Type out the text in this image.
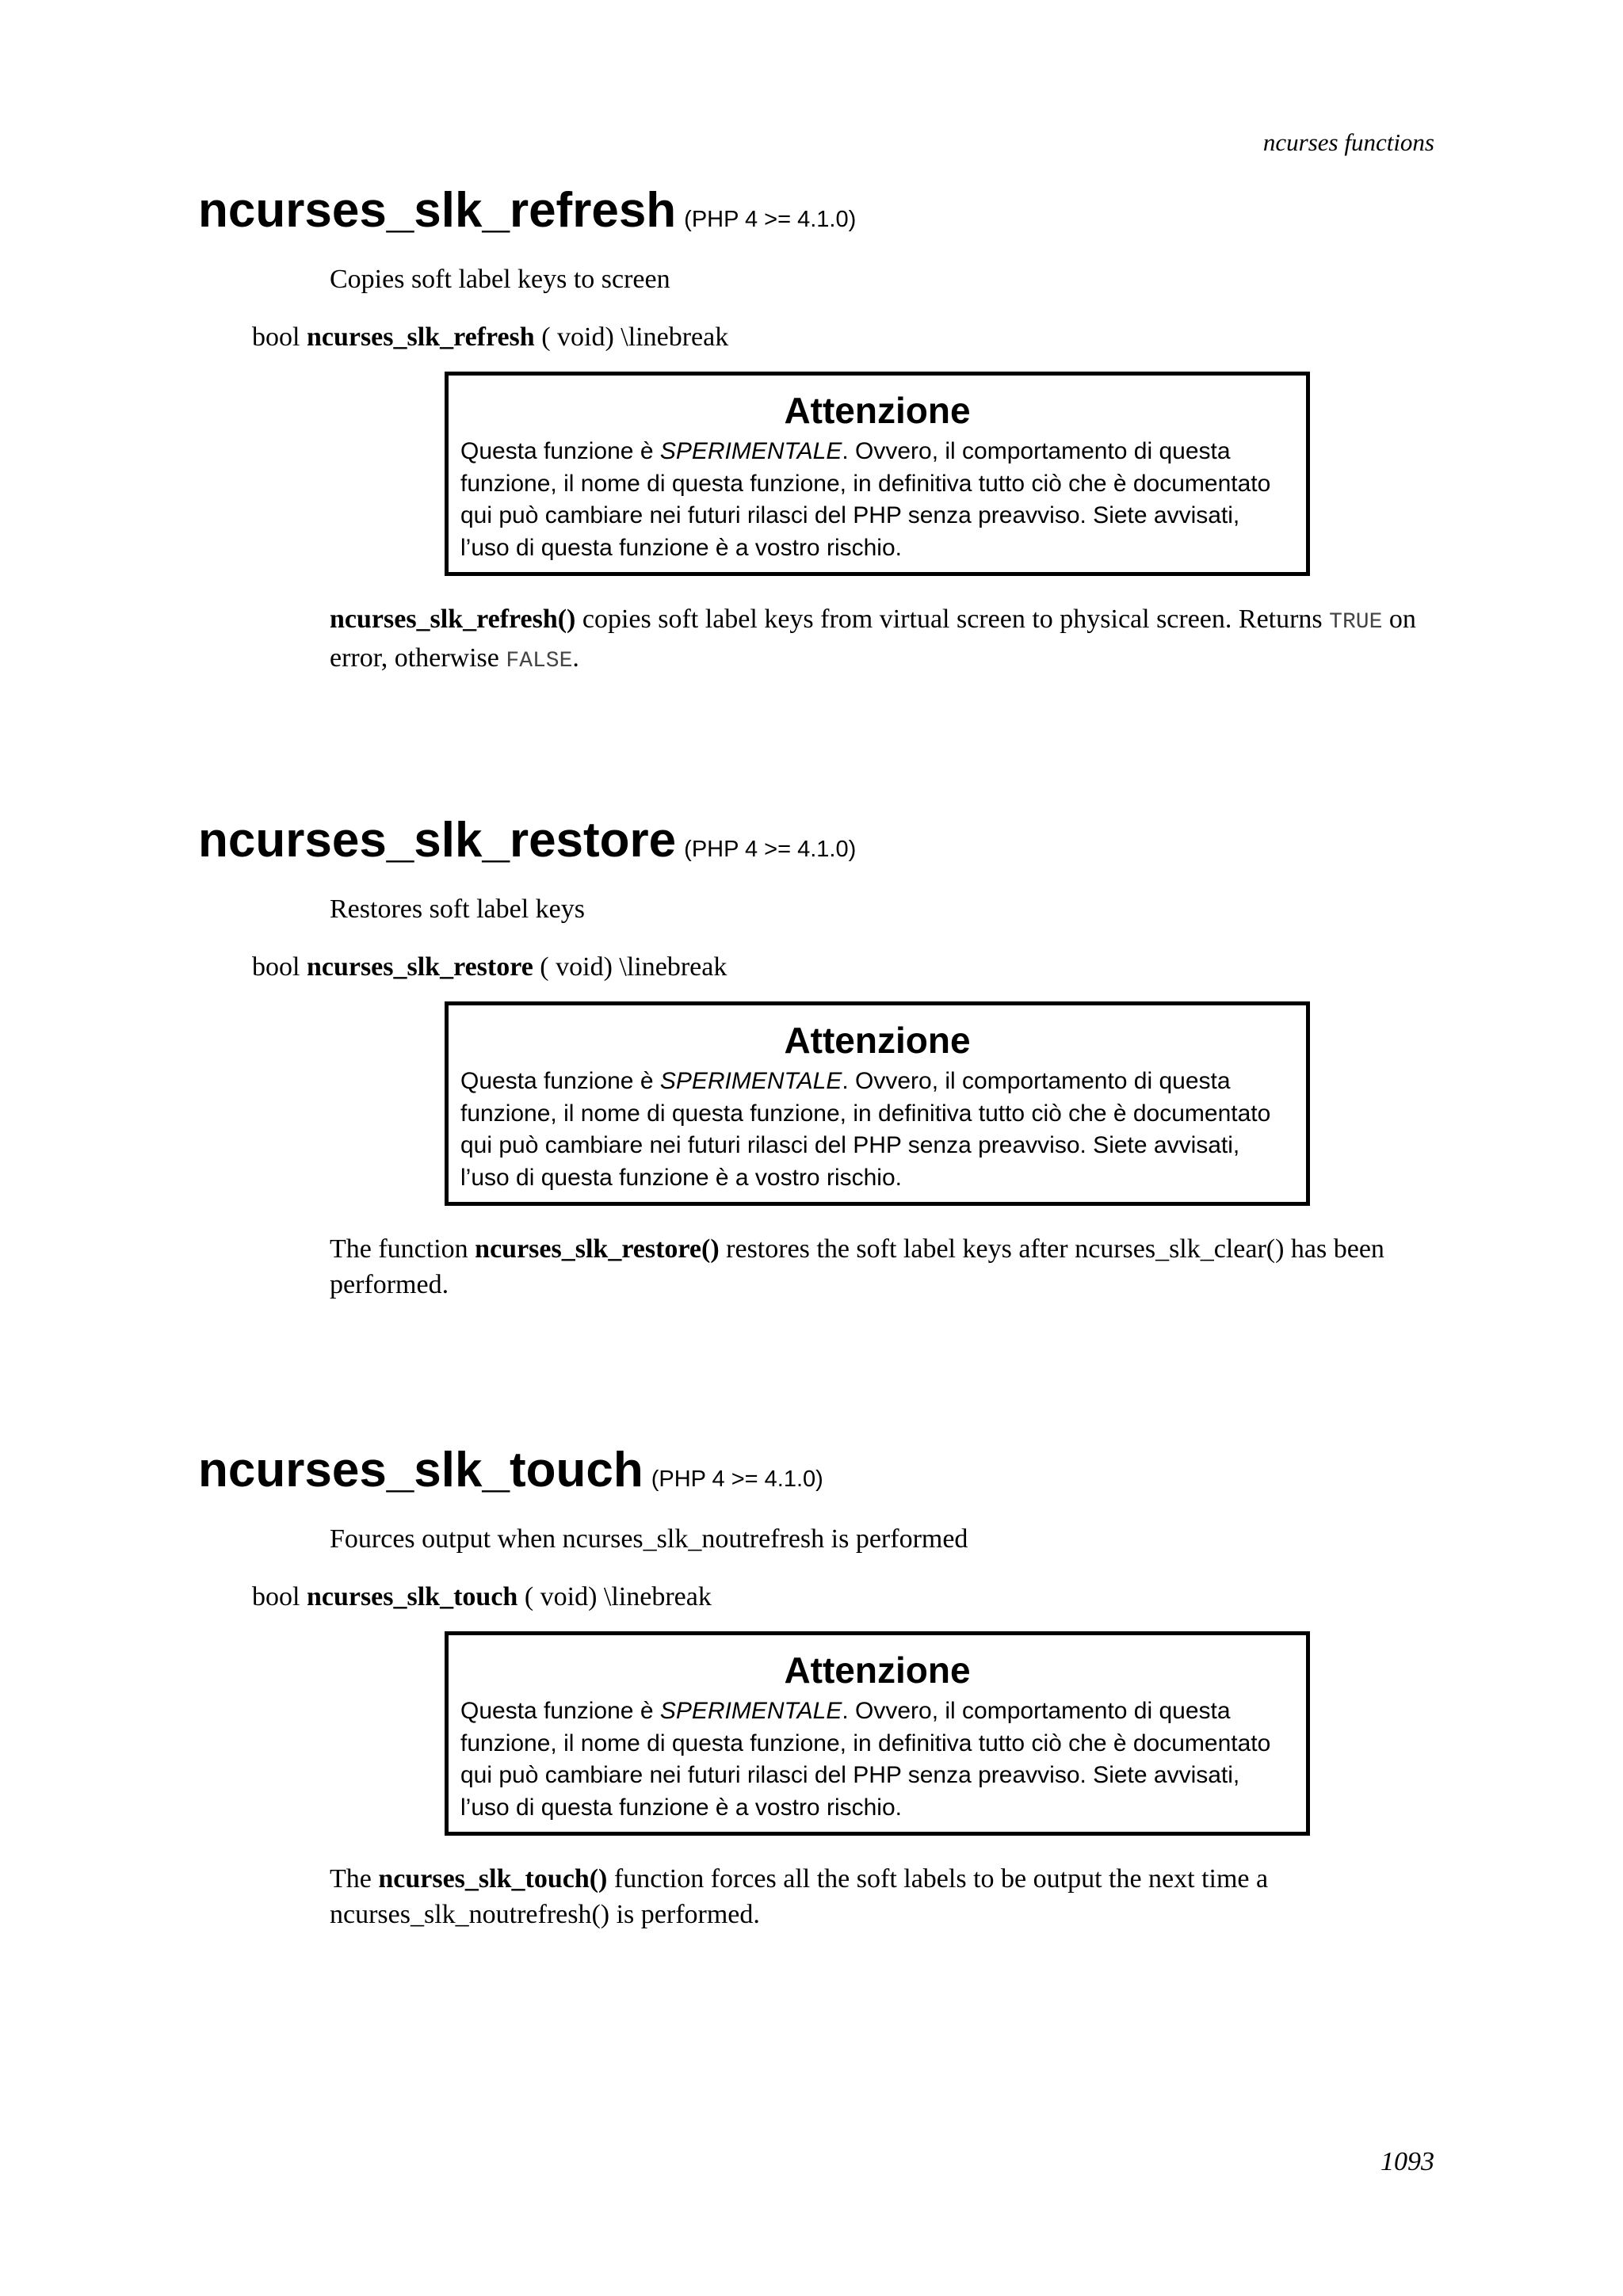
ncurses functions
ncurses_slk_refresh (PHP 4 >= 4.1.0)
Copies soft label keys to screen
bool ncurses_slk_refresh ( void) \linebreak
Attenzione
Questa funzione è SPERIMENTALE. Ovvero, il comportamento di questa
funzione, il nome di questa funzione, in definitiva tutto ciò che è documentato
qui può cambiare nei futuri rilasci del PHP senza preavviso. Siete avvisati,
l’uso di questa funzione è a vostro rischio.
ncurses_slk_refresh() copies soft label keys from virtual screen to physical screen. Returns TRUE on error, otherwise FALSE.
ncurses_slk_restore (PHP 4 >= 4.1.0)
Restores soft label keys
bool ncurses_slk_restore ( void) \linebreak
Attenzione
Questa funzione è SPERIMENTALE. Ovvero, il comportamento di questa
funzione, il nome di questa funzione, in definitiva tutto ciò che è documentato
qui può cambiare nei futuri rilasci del PHP senza preavviso. Siete avvisati,
l’uso di questa funzione è a vostro rischio.
The function ncurses_slk_restore() restores the soft label keys after ncurses_slk_clear() has been performed.
ncurses_slk_touch (PHP 4 >= 4.1.0)
Fources output when ncurses_slk_noutrefresh is performed
bool ncurses_slk_touch ( void) \linebreak
Attenzione
Questa funzione è SPERIMENTALE. Ovvero, il comportamento di questa
funzione, il nome di questa funzione, in definitiva tutto ciò che è documentato
qui può cambiare nei futuri rilasci del PHP senza preavviso. Siete avvisati,
l’uso di questa funzione è a vostro rischio.
The ncurses_slk_touch() function forces all the soft labels to be output the next time a ncurses_slk_noutrefresh() is performed.
1093
